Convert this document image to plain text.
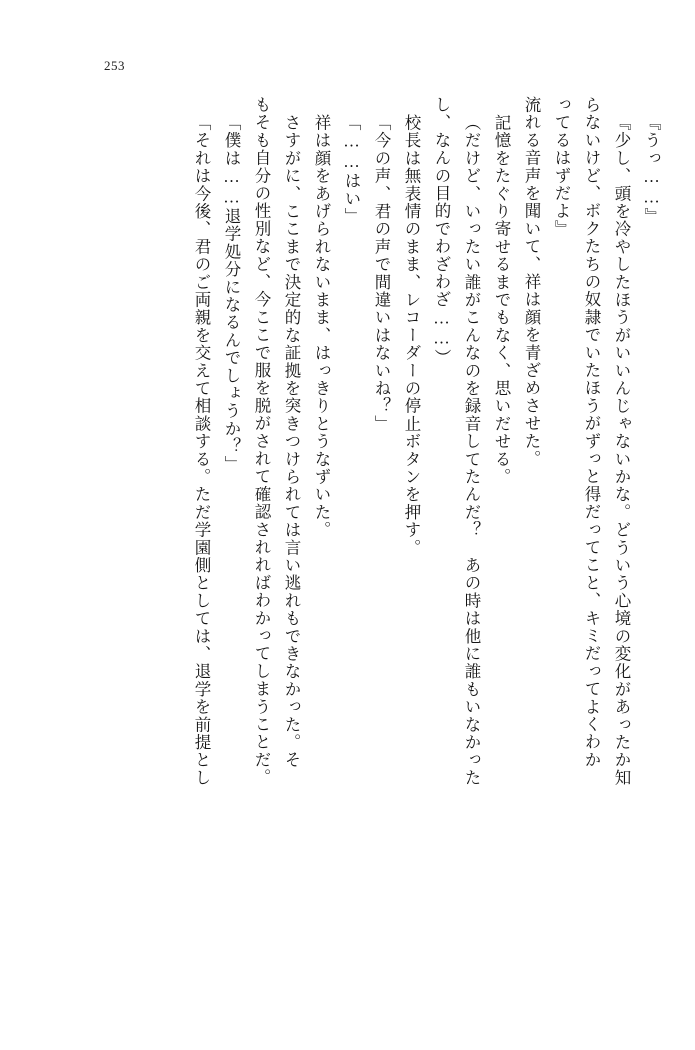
253
『うっ……』
『少し、頭を冷やしたほうがいいんじゃないかな。どういう心境の変化があったか知
らないけど、ボクたちの奴隷でいたほうがずっと得だってこと、キミだってよくわか
ってるはずだよ』
流れる音声を聞いて、祥は顔を青ざめさせた。
記憶をたぐり寄せるまでもなく、思いだせる。
（だけど、いったい誰がこんなのを録音してたんだ？　あの時は他に誰もいなかった
し、なんの目的でわざわざ……）
校長は無表情のまま、レコーダーの停止ボタンを押す。
「今の声、君の声で間違いはないね？」
「……はい」
祥は顔をあげられないまま、はっきりとうなずいた。
さすがに、ここまで決定的な証拠を突きつけられては言い逃れもできなかった。そ
もそも自分の性別など、今ここで服を脱がされて確認されればわかってしまうことだ。
「僕は……退学処分になるんでしょうか？」
「それは今後、君のご両親を交えて相談する。ただ学園側としては、退学を前提とし
